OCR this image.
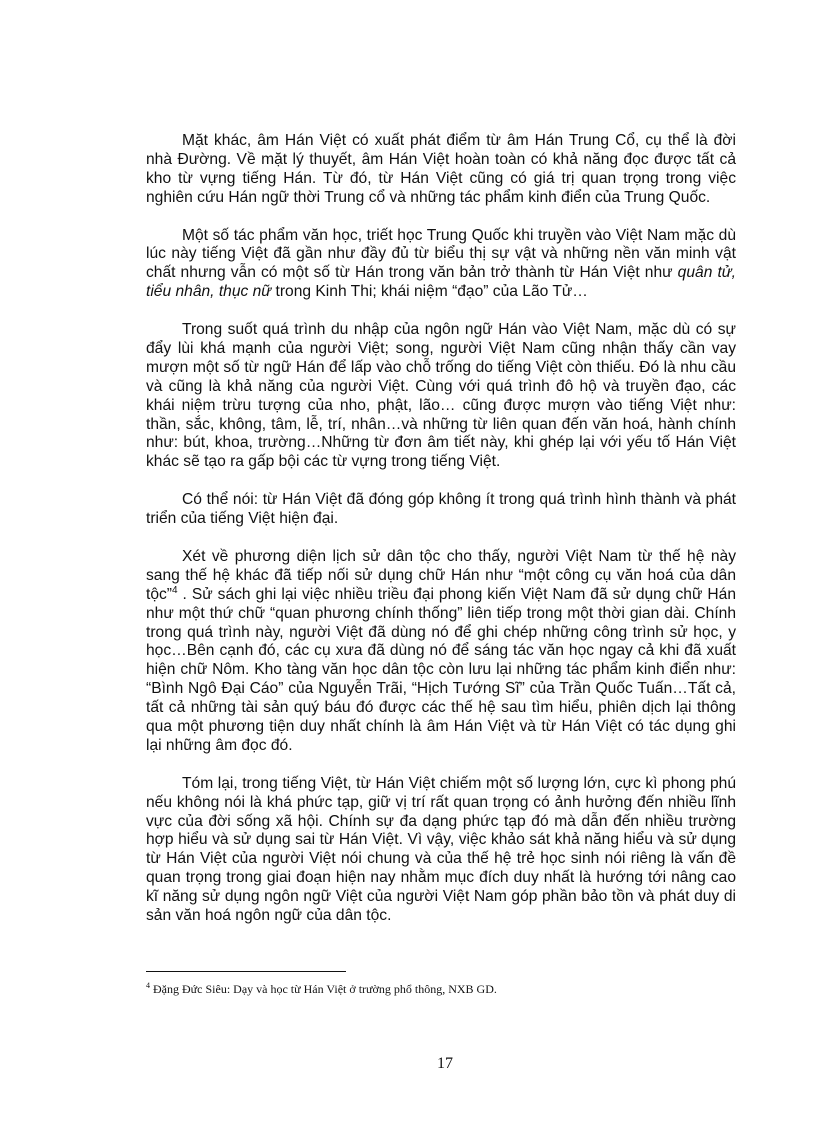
Mặt khác, âm Hán Việt có xuất phát điểm từ âm Hán Trung Cổ, cụ thể là đời nhà Đường. Về mặt lý thuyết, âm Hán Việt hoàn toàn có khả năng đọc được tất cả kho từ vựng tiếng Hán. Từ đó, từ Hán Việt cũng có giá trị quan trọng trong việc nghiên cứu Hán ngữ thời Trung cổ và những tác phẩm kinh điển của Trung Quốc.

Một số tác phẩm văn học, triết học Trung Quốc khi truyền vào Việt Nam mặc dù lúc này tiếng Việt đã gần như đầy đủ từ biểu thị sự vật và những nền văn minh vật chất nhưng vẫn có một số từ Hán trong văn bản trở thành từ Hán Việt như quân tử, tiểu nhân, thục nữ trong Kinh Thi; khái niệm “đạo” của Lão Tử…

Trong suốt quá trình du nhập của ngôn ngữ Hán vào Việt Nam, mặc dù có sự đẩy lùi khá mạnh của người Việt; song, người Việt Nam cũng nhận thấy cần vay mượn một số từ ngữ Hán để lấp vào chỗ trống do tiếng Việt còn thiếu. Đó là nhu cầu và cũng là khả năng của người Việt. Cùng với quá trình đô hộ và truyền đạo, các khái niệm trừu tượng của nho, phật, lão… cũng được mượn vào tiếng Việt như: thần, sắc, không, tâm, lễ, trí, nhân…và những từ liên quan đến văn hoá, hành chính như: bút, khoa, trường…Những từ đơn âm tiết này, khi ghép lại với yếu tố Hán Việt khác sẽ tạo ra gấp bội các từ vựng trong tiếng Việt.

Có thể nói: từ Hán Việt đã đóng góp không ít trong quá trình hình thành và phát triển của tiếng Việt hiện đại.

Xét về phương diện lịch sử dân tộc cho thấy, người Việt Nam từ thế hệ này sang thế hệ khác đã tiếp nối sử dụng chữ Hán như “một công cụ văn hoá của dân tộc”$^4$ . Sử sách ghi lại việc nhiều triều đại phong kiến Việt Nam đã sử dụng chữ Hán như một thứ chữ “quan phương chính thống” liên tiếp trong một thời gian dài. Chính trong quá trình này, người Việt đã dùng nó để ghi chép những công trình sử học, y học…Bên cạnh đó, các cụ xưa đã dùng nó để sáng tác văn học ngay cả khi đã xuất hiện chữ Nôm. Kho tàng văn học dân tộc còn lưu lại những tác phẩm kinh điển như: “Bình Ngô Đại Cáo” của Nguyễn Trãi, “Hịch Tướng Sĩ” của Trần Quốc Tuấn…Tất cả, tất cả những tài sản quý báu đó được các thế hệ sau tìm hiểu, phiên dịch lại thông qua một phương tiện duy nhất chính là âm Hán Việt và từ Hán Việt có tác dụng ghi lại những âm đọc đó.

Tóm lại, trong tiếng Việt, từ Hán Việt chiếm một số lượng lớn, cực kì phong phú nếu không nói là khá phức tạp, giữ vị trí rất quan trọng có ảnh hưởng đến nhiều lĩnh vực của đời sống xã hội. Chính sự đa dạng phức tạp đó mà dẫn đến nhiều trường hợp hiểu và sử dụng sai từ Hán Việt. Vì vậy, việc khảo sát khả năng hiểu và sử dụng từ Hán Việt của người Việt nói chung và của thế hệ trẻ học sinh nói riêng là vấn đề quan trọng trong giai đoạn hiện nay nhằm mục đích duy nhất là hướng tới nâng cao kĩ năng sử dụng ngôn ngữ Việt của người Việt Nam góp phần bảo tồn và phát duy di sản văn hoá ngôn ngữ của dân tộc.

$^4$ Đặng Đức Siêu: Dạy và học từ Hán Việt ở trường phổ thông, NXB GD.
17
